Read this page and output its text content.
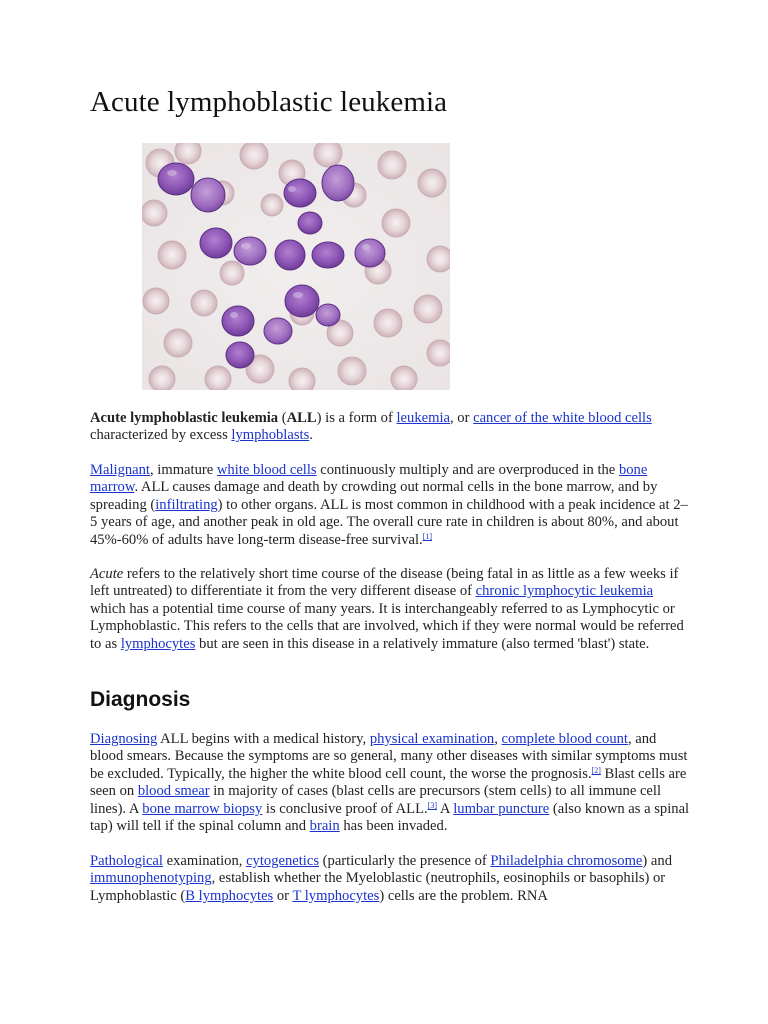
Acute lymphoblastic leukemia

Acute lymphoblastic leukemia (ALL) is a form of leukemia, or cancer of the white blood cells characterized by excess lymphoblasts.

Malignant, immature white blood cells continuously multiply and are overproduced in the bone marrow. ALL causes damage and death by crowding out normal cells in the bone marrow, and by spreading (infiltrating) to other organs. ALL is most common in childhood with a peak incidence at 2–5 years of age, and another peak in old age. The overall cure rate in children is about 80%, and about 45%-60% of adults have long-term disease-free survival.[1]

Acute refers to the relatively short time course of the disease (being fatal in as little as a few weeks if left untreated) to differentiate it from the very different disease of chronic lymphocytic leukemia which has a potential time course of many years. It is interchangeably referred to as Lymphocytic or Lymphoblastic. This refers to the cells that are involved, which if they were normal would be referred to as lymphocytes but are seen in this disease in a relatively immature (also termed 'blast') state.

Diagnosis

Diagnosing ALL begins with a medical history, physical examination, complete blood count, and blood smears. Because the symptoms are so general, many other diseases with similar symptoms must be excluded. Typically, the higher the white blood cell count, the worse the prognosis.[2] Blast cells are seen on blood smear in majority of cases (blast cells are precursors (stem cells) to all immune cell lines). A bone marrow biopsy is conclusive proof of ALL.[3] A lumbar puncture (also known as a spinal tap) will tell if the spinal column and brain has been invaded.

Pathological examination, cytogenetics (particularly the presence of Philadelphia chromosome) and immunophenotyping, establish whether the Myeloblastic (neutrophils, eosinophils or basophils) or Lymphoblastic (B lymphocytes or T lymphocytes) cells are the problem. RNA
